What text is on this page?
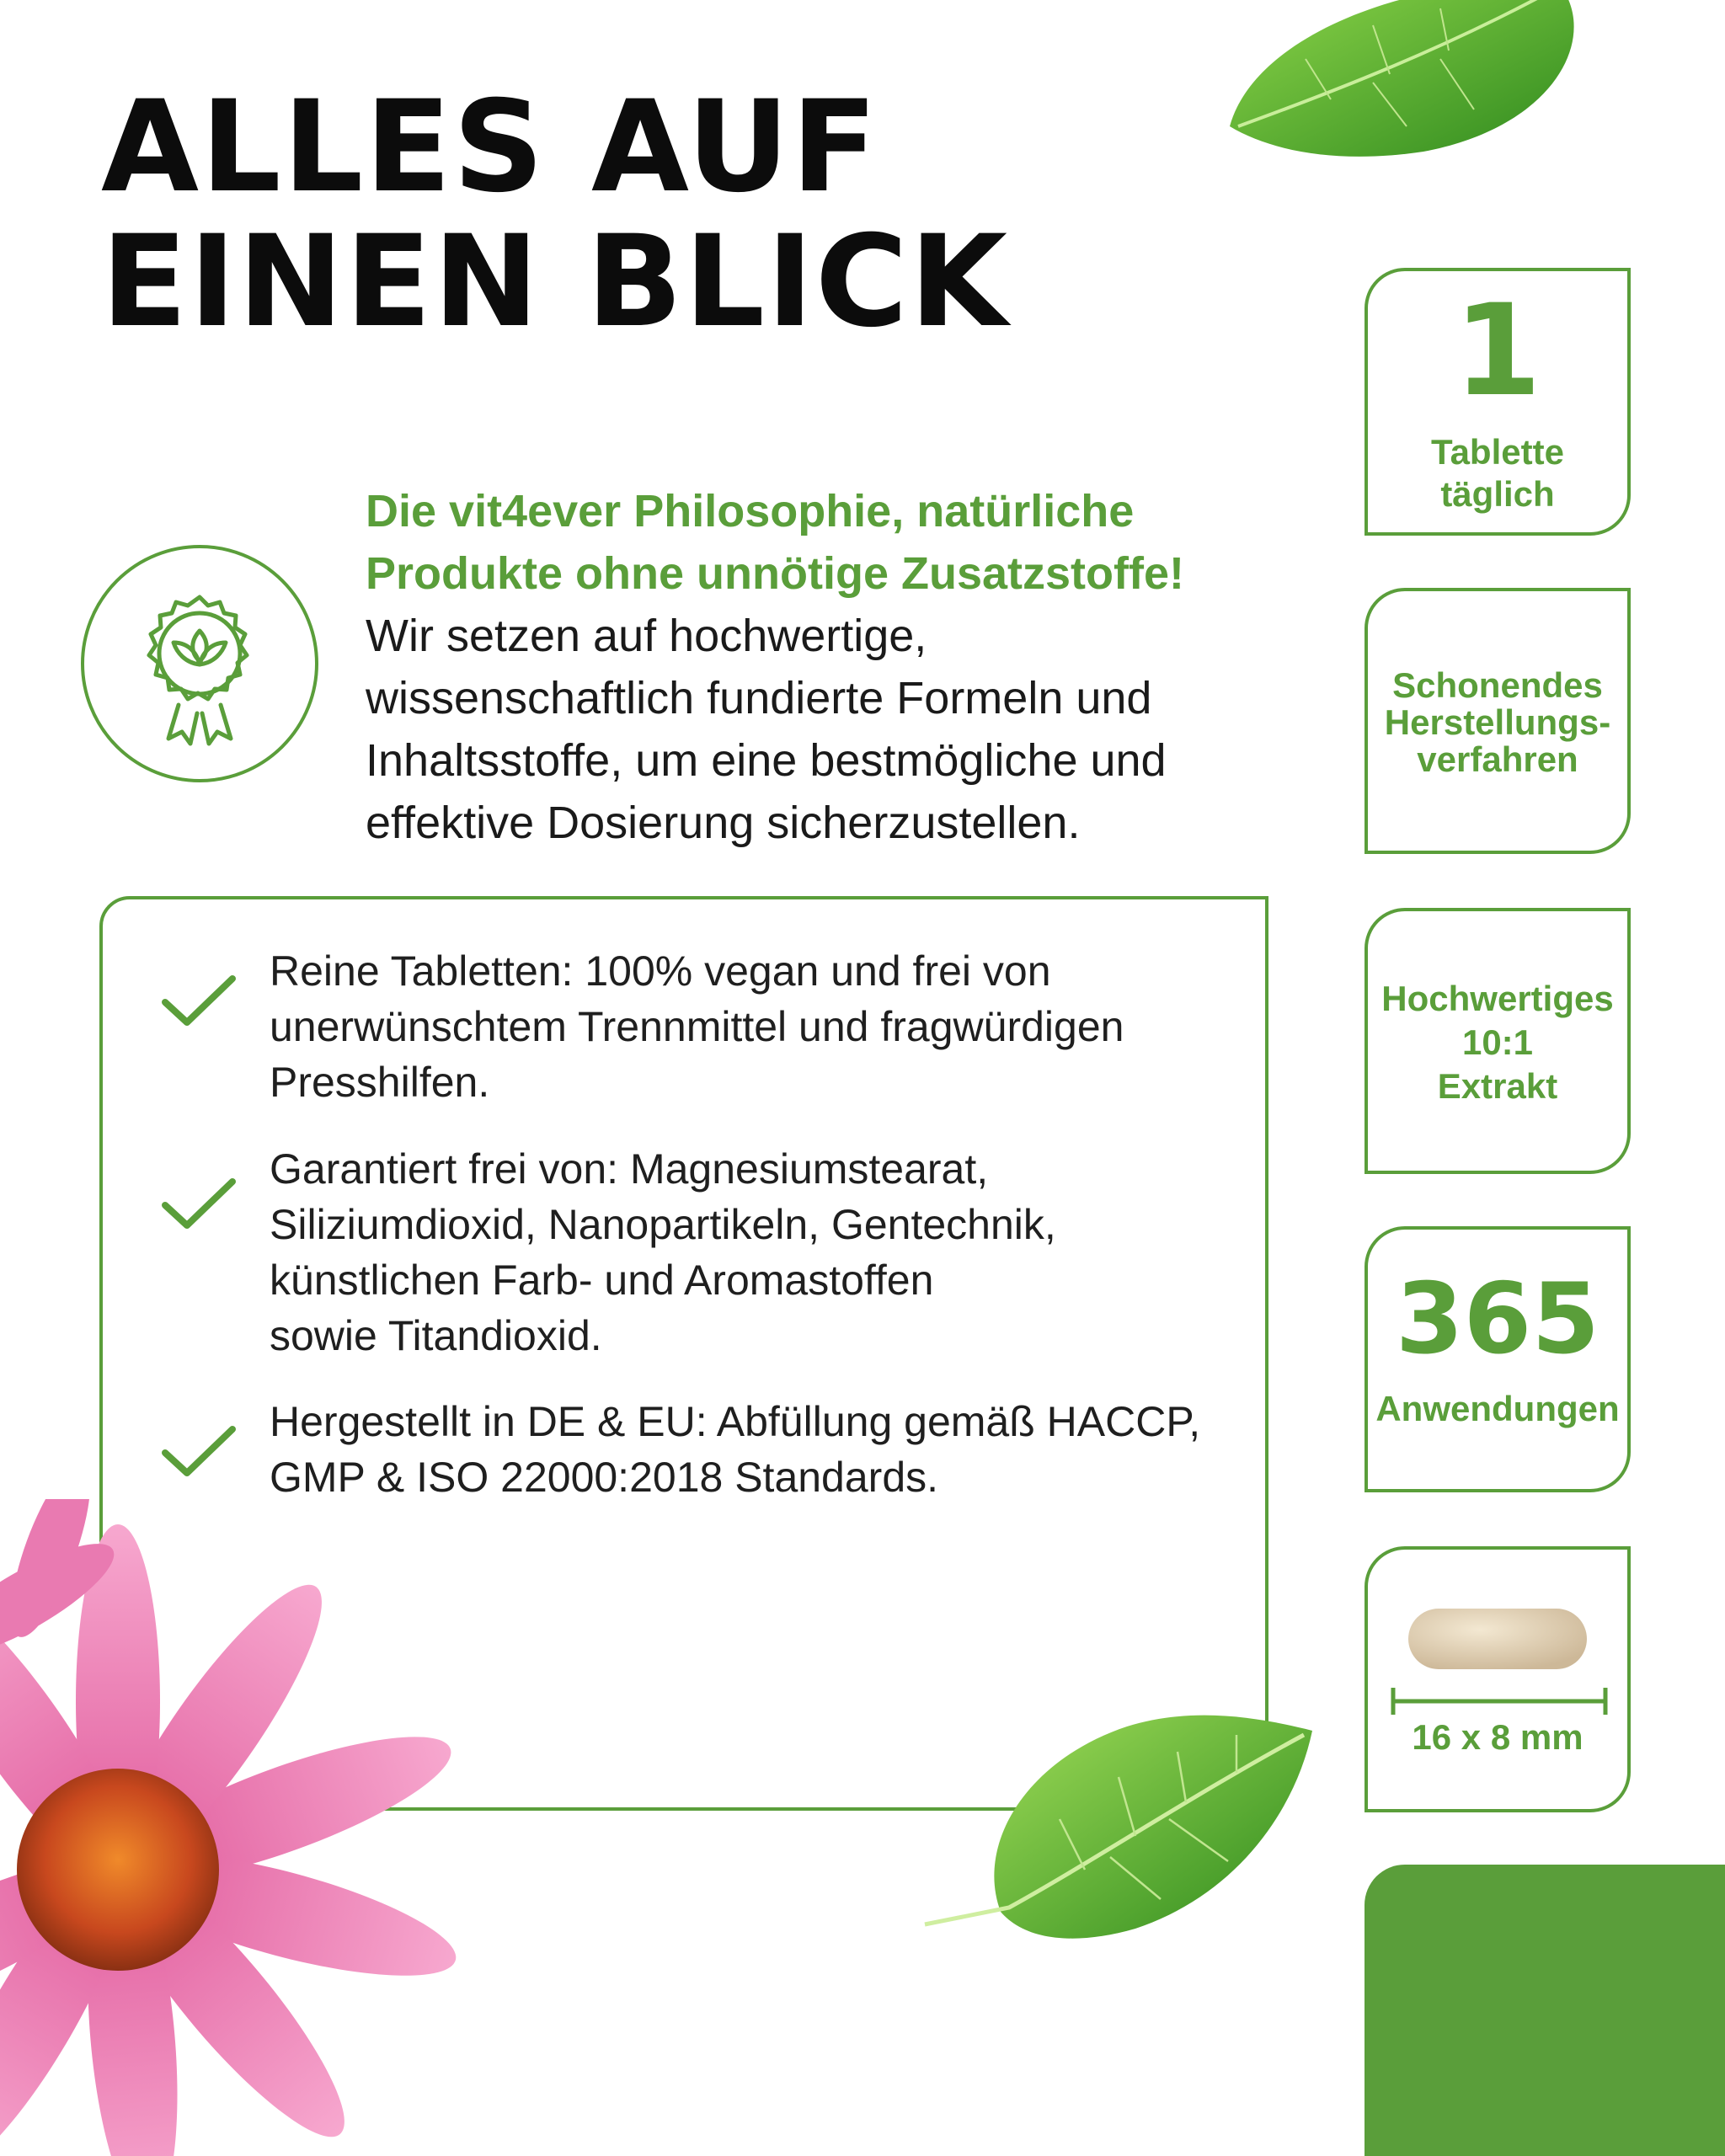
ALLES AUF
EINEN BLICK
Die vit4ever Philosophie, natürliche
Produkte ohne unnötige Zusatzstoffe!
Wir setzen auf hochwertige,
wissenschaftlich fundierte Formeln und
Inhaltsstoffe, um eine bestmögliche und
effektive Dosierung sicherzustellen.
Reine Tabletten: 100% vegan und frei von
unerwünschtem Trennmittel und fragwürdigen
Presshilfen.
Garantiert frei von: Magnesiumstearat,
Siliziumdioxid, Nanopartikeln, Gentechnik,
künstlichen Farb- und Aromastoffen
sowie Titandioxid.
Hergestellt in DE & EU: Abfüllung gemäß HACCP,
GMP & ISO 22000:2018 Standards.
1
Tablette
täglich
Schonendes
Herstellungs-
verfahren
Hochwertiges
10:1
Extrakt
365
Anwendungen
16 x 8 mm
